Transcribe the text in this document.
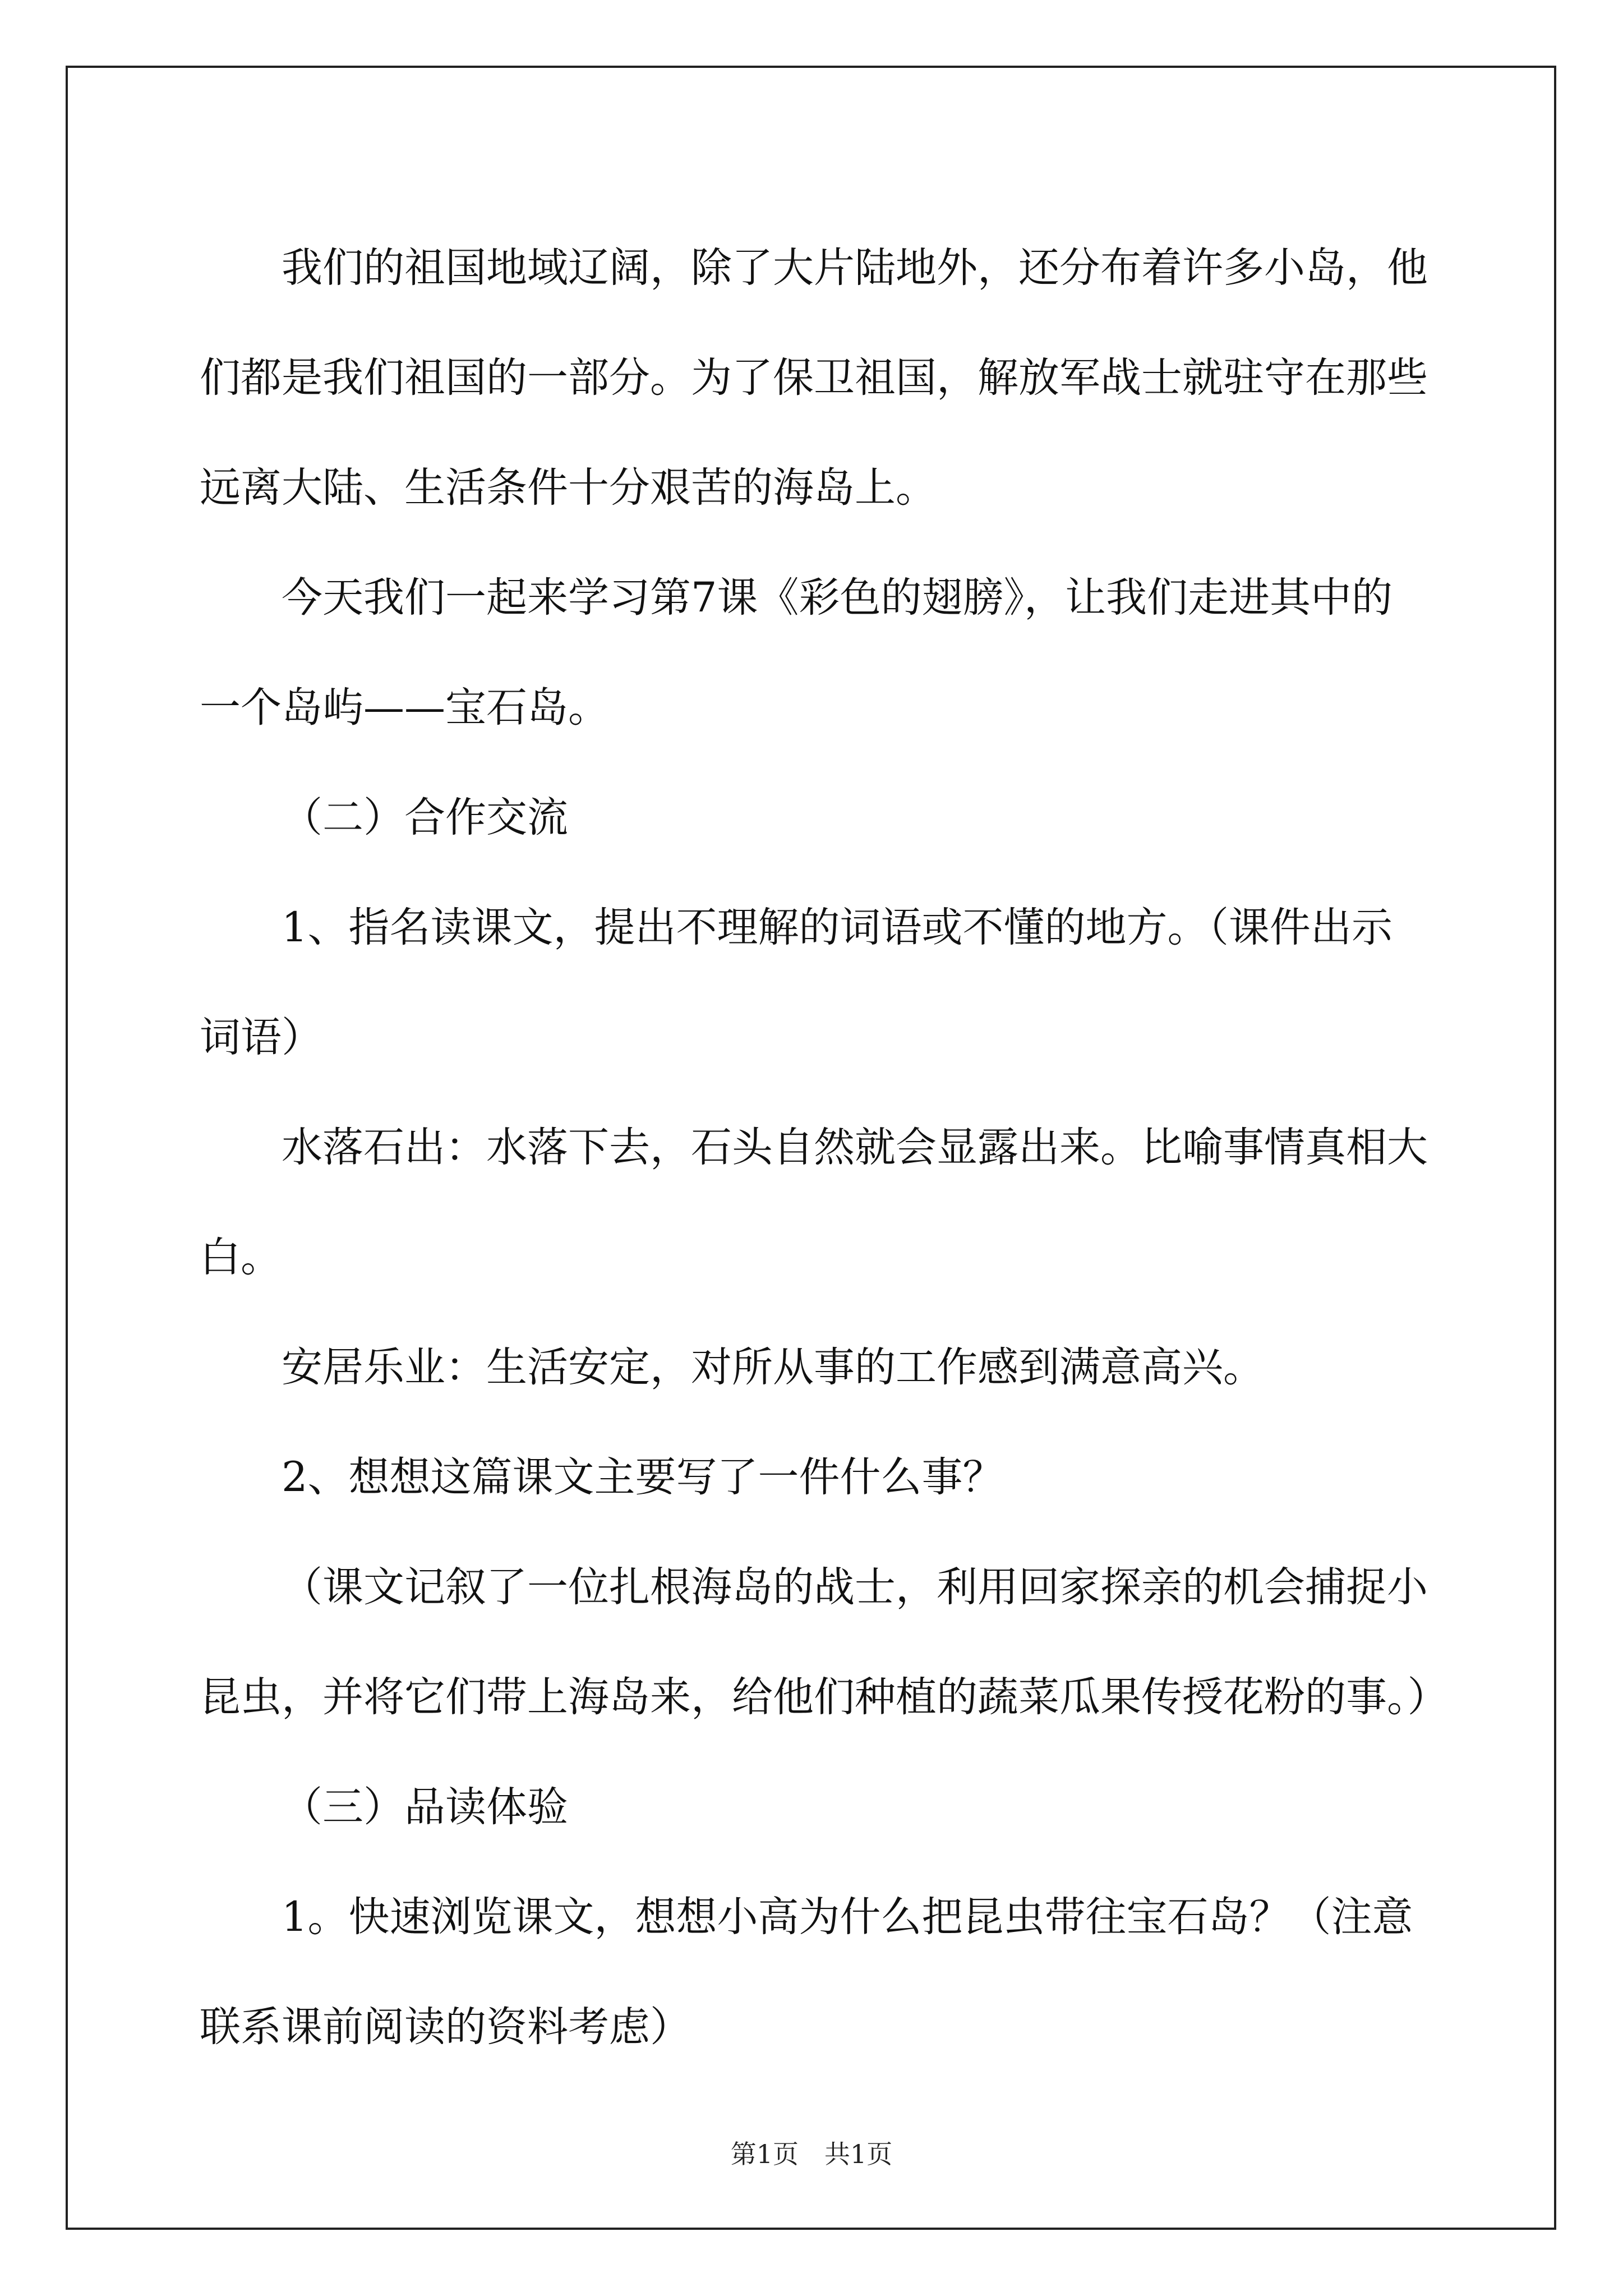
我们的祖国地域辽阔，除了大片陆地外，还分布着许多小岛，他们都是我们祖国的一部分。为了保卫祖国，解放军战士就驻守在那些远离大陆、生活条件十分艰苦的海岛上。

今天我们一起来学习第7课《彩色的翅膀》，让我们走进其中的一个岛屿——宝石岛。

（二）合作交流

1、指名读课文，提出不理解的词语或不懂的地方。（课件出示词语）

水落石出：水落下去，石头自然就会显露出来。比喻事情真相大白。

安居乐业：生活安定，对所从事的工作感到满意高兴。

2、想想这篇课文主要写了一件什么事？

（课文记叙了一位扎根海岛的战士，利用回家探亲的机会捕捉小昆虫，并将它们带上海岛来，给他们种植的蔬菜瓜果传授花粉的事。）

（三）品读体验

1。快速浏览课文，想想小高为什么把昆虫带往宝石岛？（注意联系课前阅读的资料考虑）

第1页　共1页
